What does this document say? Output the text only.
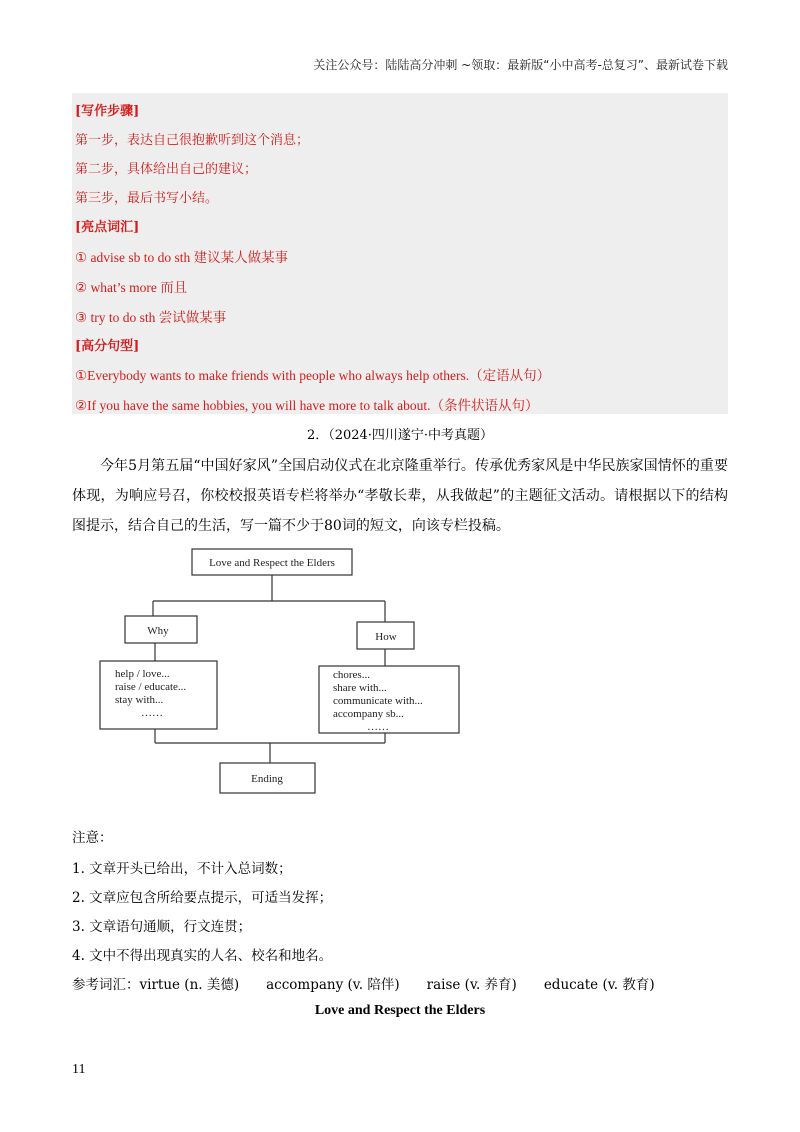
关注公众号：陆陆高分冲刺 ~领取：最新版“小中高考-总复习”、最新试卷下载
[写作步骤]
第一步，表达自己很抱歉听到这个消息；
第二步，具体给出自己的建议；
第三步，最后书写小结。
[亮点词汇]
① advise sb to do sth 建议某人做某事
② what’s more 而且
③ try to do sth 尝试做某事
[高分句型]
①Everybody wants to make friends with people who always help others.（定语从句）
②If you have the same hobbies, you will have more to talk about.（条件状语从句）
2．（2024·四川遂宁·中考真题）
今年5月第五届“中国好家风”全国启动仪式在北京隆重举行。传承优秀家风是中华民族家国情怀的重要体现，为响应号召，你校校报英语专栏将举办“孝敬长辈，从我做起”的主题征文活动。请根据以下的结构图提示，结合自己的生活，写一篇不少于80词的短文，向该专栏投稿。
Love and Respect the Elders
Why	How
help / love...
raise / educate...
stay with...
……
chores...
share with...
communicate with...
accompany sb...
……
Ending
注意：
1. 文章开头已给出，不计入总词数；
2. 文章应包含所给要点提示，可适当发挥；
3. 文章语句通顺，行文连贯；
4. 文中不得出现真实的人名、校名和地名。
参考词汇：virtue (n. 美德)　　accompany (v. 陪伴)　　raise (v. 养育)　　educate (v. 教育)
Love and Respect the Elders
11
